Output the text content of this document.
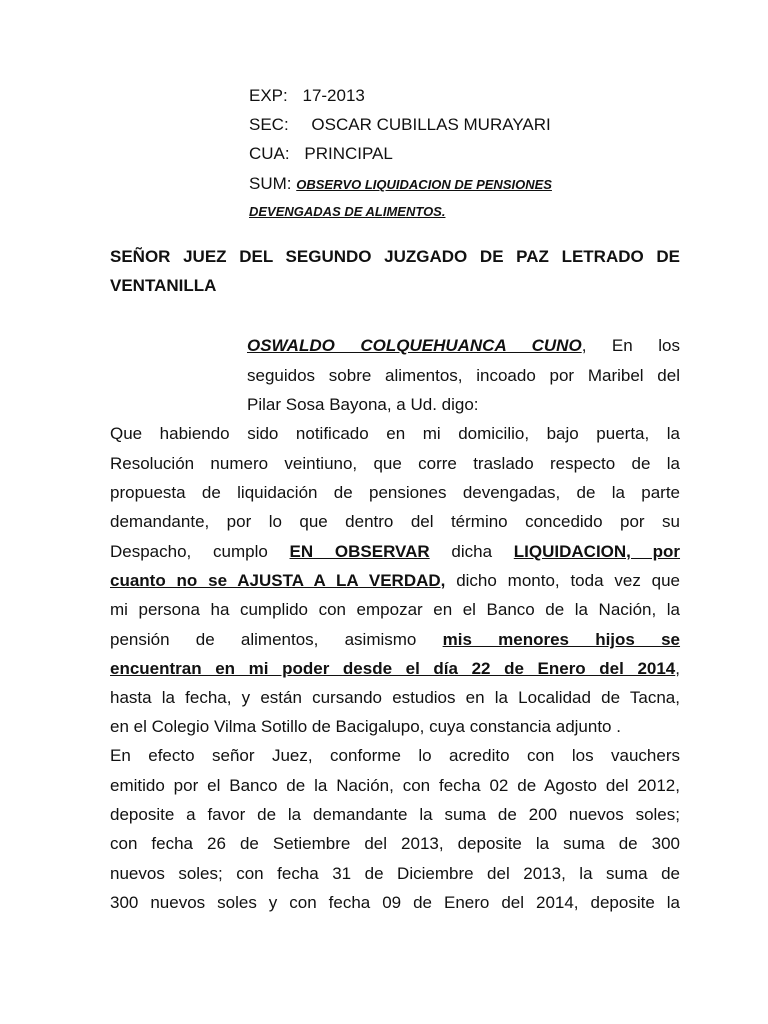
EXP: 17-2013
SEC: OSCAR CUBILLAS MURAYARI
CUA: PRINCIPAL
SUM: OBSERVO LIQUIDACION DE PENSIONES
DEVENGADAS DE ALIMENTOS.
SEÑOR JUEZ DEL SEGUNDO JUZGADO DE PAZ LETRADO DE
VENTANILLA
OSWALDO COLQUEHUANCA CUNO, En los
seguidos sobre alimentos, incoado por Maribel del
Pilar Sosa Bayona, a Ud. digo:
Que habiendo sido notificado en mi domicilio, bajo puerta, la
Resolución numero veintiuno, que corre traslado respecto de la
propuesta de liquidación de pensiones devengadas, de la parte
demandante, por lo que dentro del término concedido por su
Despacho, cumplo EN OBSERVAR dicha LIQUIDACION, por
cuanto no se AJUSTA A LA VERDAD, dicho monto, toda vez que
mi persona ha cumplido con empozar en el Banco de la Nación, la
pensión de alimentos, asimismo mis menores hijos se
encuentran en mi poder desde el día 22 de Enero del 2014,
hasta la fecha, y están cursando estudios en la Localidad de Tacna,
en el Colegio Vilma Sotillo de Bacigalupo, cuya constancia adjunto .
En efecto señor Juez, conforme lo acredito con los vauchers
emitido por el Banco de la Nación, con fecha 02 de Agosto del 2012,
deposite a favor de la demandante la suma de 200 nuevos soles;
con fecha 26 de Setiembre del 2013, deposite la suma de 300
nuevos soles; con fecha 31 de Diciembre del 2013, la suma de
300 nuevos soles y con fecha 09 de Enero del 2014, deposite la
